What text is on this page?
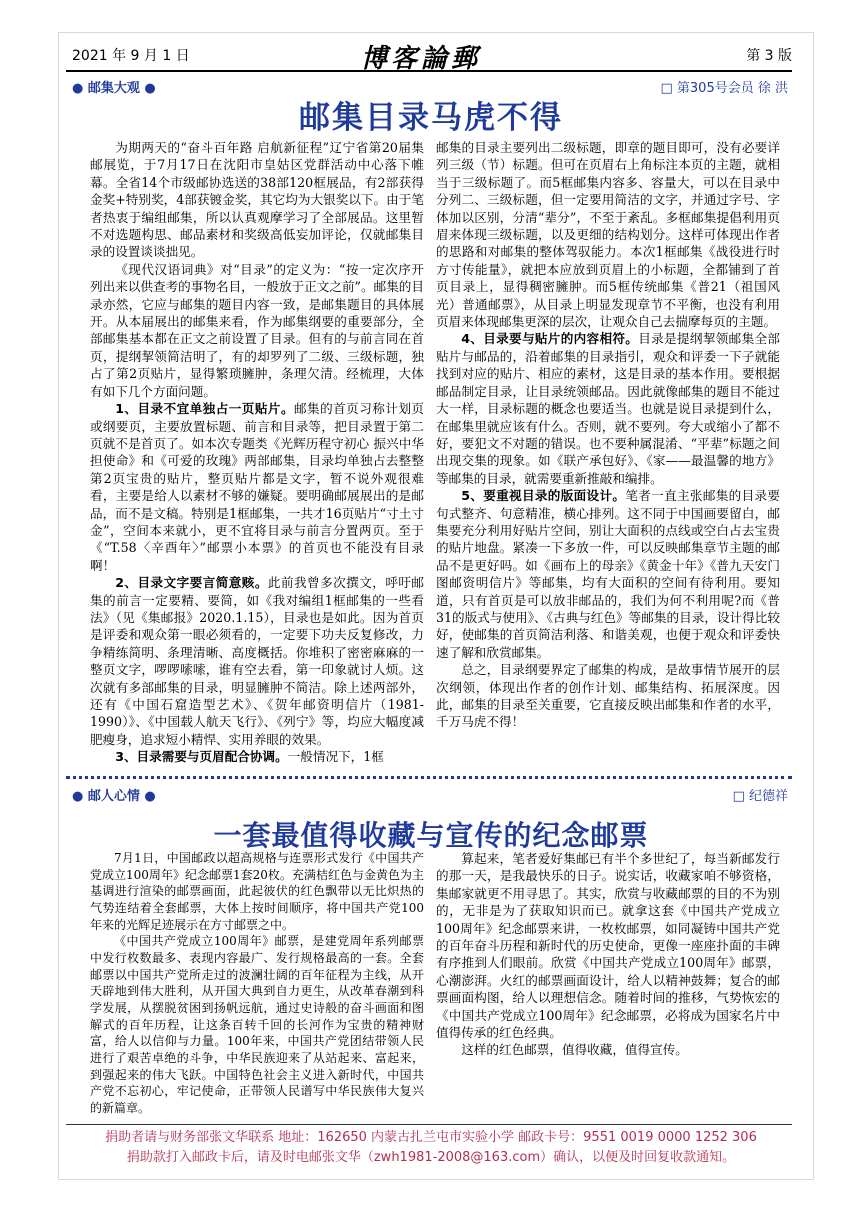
2021 年 9 月 1 日	博客論郵	第 3 版
● 邮集大观 ●	□ 第305号会员 徐 洪
邮集目录马虎不得

为期两天的“奋斗百年路 启航新征程”辽宁省第20届集邮展览，于7月17日在沈阳市皇姑区党群活动中心落下帷幕。全省14个市级邮协选送的38部120框展品，有2部获得金奖+特别奖，4部获镀金奖，其它均为大银奖以下。由于笔者热衷于编组邮集，所以认真观摩学习了全部展品。这里暂不对选题构思、邮品素材和奖级高低妄加评论，仅就邮集目录的设置谈谈拙见。

《现代汉语词典》对“目录”的定义为：“按一定次序开列出来以供查考的事物名目，一般放于正文之前”。邮集的目录亦然，它应与邮集的题目内容一致，是邮集题目的具体展开。从本届展出的邮集来看，作为邮集纲要的重要部分，全部邮集基本都在正文之前设置了目录。但有的与前言同在首页，提纲挈领简洁明了，有的却罗列了二级、三级标题，独占了第2页贴片，显得繁琐臃肿，条理欠清。经梳理，大体有如下几个方面问题。

1、目录不宜单独占一页贴片。邮集的首页习称计划页或纲要页，主要放置标题、前言和目录等，把目录置于第二页就不是首页了。如本次专题类《光辉历程守初心 振兴中华担使命》和《可爱的玫瑰》两部邮集，目录均单独占去整整第2页宝贵的贴片，整页贴片都是文字，暂不说外观很难看，主要是给人以素材不够的嫌疑。要明确邮展展出的是邮品，而不是文稿。特别是1框邮集，一共才16页贴片“寸土寸金”，空间本来就小，更不宜将目录与前言分置两页。至于《“T.58〈辛酉年〉”邮票小本票》的首页也不能没有目录啊！

2、目录文字要言简意赅。此前我曾多次撰文，呼吁邮集的前言一定要精、要简，如《我对编组1框邮集的一些看法》（见《集邮报》2020.1.15），目录也是如此。因为首页是评委和观众第一眼必须看的，一定要下功夫反复修改，力争精练简明、条理清晰、高度概括。你堆积了密密麻麻的一整页文字，啰啰嗦嗦，谁有空去看，第一印象就讨人烦。这次就有多部邮集的目录，明显臃肿不简洁。除上述两部外，还有《中国石窟造型艺术》、《贺年邮资明信片（1981-1990）》、《中国载人航天飞行》、《列宁》等，均应大幅度减肥瘦身，追求短小精悍、实用养眼的效果。

3、目录需要与页眉配合协调。一般情况下，1框

邮集的目录主要列出二级标题，即章的题目即可，没有必要详列三级（节）标题。但可在页眉右上角标注本页的主题，就相当于三级标题了。而5框邮集内容多、容量大，可以在目录中分列二、三级标题，但一定要用简洁的文字，并通过字号、字体加以区别，分清“辈分”，不至于紊乱。多框邮集提倡利用页眉来体现三级标题，以及更细的结构划分。这样可体现出作者的思路和对邮集的整体驾驭能力。本次1框邮集《战役进行时 方寸传能量》，就把本应放到页眉上的小标题，全都铺到了首页目录上，显得稠密臃肿。而5框传统邮集《普21（祖国风光）普通邮票》，从目录上明显发现章节不平衡，也没有利用页眉来体现邮集更深的层次，让观众自己去揣摩每页的主题。

4、目录要与贴片的内容相符。目录是提纲挈领邮集全部贴片与邮品的，沿着邮集的目录指引，观众和评委一下子就能找到对应的贴片、相应的素材，这是目录的基本作用。要根据邮品制定目录，让目录统领邮品。因此就像邮集的题目不能过大一样，目录标题的概念也要适当。也就是说目录提到什么，在邮集里就应该有什么。否则，就不要列。夸大或缩小了都不好，要犯文不对题的错误。也不要种属混淆、“平辈”标题之间出现交集的现象。如《联产承包好》、《家——最温馨的地方》等邮集的目录，就需要重新推敲和编排。

5、要重视目录的版面设计。笔者一直主张邮集的目录要句式整齐、句意精准，横心排列。这不同于中国画要留白，邮集要充分利用好贴片空间，别让大面积的点线或空白占去宝贵的贴片地盘。紧凑一下多放一件，可以反映邮集章节主题的邮品不是更好吗。如《画布上的母亲》《黄金十年》《普九天安门图邮资明信片》等邮集，均有大面积的空间有待利用。要知道，只有首页是可以放非邮品的，我们为何不利用呢?而《普31的版式与使用》、《古典与红色》等邮集的目录，设计得比较好，使邮集的首页简洁利落、和谐美观，也便于观众和评委快速了解和欣赏邮集。

总之，目录纲要界定了邮集的构成，是故事情节展开的层次纲领，体现出作者的创作计划、邮集结构、拓展深度。因此，邮集的目录至关重要，它直接反映出邮集和作者的水平，千万马虎不得！

● 邮人心情 ●	□ 纪德祥
一套最值得收藏与宣传的纪念邮票

7月1日，中国邮政以超高规格与连票形式发行《中国共产党成立100周年》纪念邮票1套20枚。充满桔红色与金黄色为主基调进行渲染的邮票画面，此起彼伏的红色飘带以无比炽热的气势连结着全套邮票，大体上按时间顺序，将中国共产党100年来的光辉足迹展示在方寸邮票之中。

《中国共产党成立100周年》邮票，是建党周年系列邮票中发行枚数最多、表现内容最广、发行规格最高的一套。全套邮票以中国共产党所走过的波澜壮阔的百年征程为主线，从开天辟地到伟大胜利，从开国大典到自力更生，从改革春潮到科学发展，从摆脱贫困到扬帆远航，通过史诗般的奋斗画面和图解式的百年历程，让这条百转千回的长河作为宝贵的精神财富，给人以信仰与力量。100年来，中国共产党团结带领人民进行了艰苦卓绝的斗争，中华民族迎来了从站起来、富起来，到强起来的伟大飞跃。中国特色社会主义进入新时代，中国共产党不忘初心，牢记使命，正带领人民谱写中华民族伟大复兴的新篇章。

算起来，笔者爱好集邮已有半个多世纪了，每当新邮发行的那一天，是我最快乐的日子。说实话，收藏家咱不够资格，集邮家就更不用寻思了。其实，欣赏与收藏邮票的目的不为别的，无非是为了获取知识而已。就拿这套《中国共产党成立100周年》纪念邮票来讲，一枚枚邮票，如同凝铸中国共产党的百年奋斗历程和新时代的历史使命，更像一座座扑面的丰碑有序推到人们眼前。欣赏《中国共产党成立100周年》邮票，心潮澎湃。火红的邮票画面设计，给人以精神鼓舞；复合的邮票画面构图，给人以理想信念。随着时间的推移，气势恢宏的《中国共产党成立100周年》纪念邮票，必将成为国家名片中值得传承的红色经典。

这样的红色邮票，值得收藏，值得宣传。

捐助者请与财务部张文华联系 地址：162650 内蒙古扎兰屯市实验小学 邮政卡号：9551 0019 0000 1252 306
捐助款打入邮政卡后，请及时电邮张文华（zwh1981-2008@163.com）确认，以便及时回复收款通知。
